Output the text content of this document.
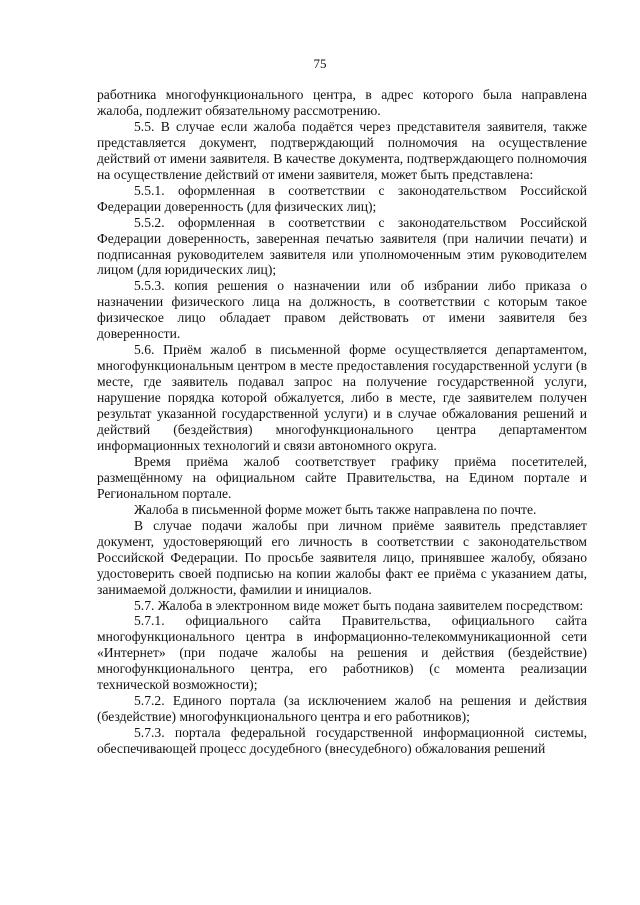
75

работника многофункционального центра, в адрес которого была направлена жалоба, подлежит обязательному рассмотрению.

5.5. В случае если жалоба подаётся через представителя заявителя, также представляется документ, подтверждающий полномочия на осуществление действий от имени заявителя. В качестве документа, подтверждающего полномочия на осуществление действий от имени заявителя, может быть представлена:

5.5.1. оформленная в соответствии с законодательством Российской Федерации доверенность (для физических лиц);

5.5.2. оформленная в соответствии с законодательством Российской Федерации доверенность, заверенная печатью заявителя (при наличии печати) и подписанная руководителем заявителя или уполномоченным этим руководителем лицом (для юридических лиц);

5.5.3. копия решения о назначении или об избрании либо приказа о назначении физического лица на должность, в соответствии с которым такое физическое лицо обладает правом действовать от имени заявителя без доверенности.

5.6. Приём жалоб в письменной форме осуществляется департаментом, многофункциональным центром в месте предоставления государственной услуги (в месте, где заявитель подавал запрос на получение государственной услуги, нарушение порядка которой обжалуется, либо в месте, где заявителем получен результат указанной государственной услуги) и в случае обжалования решений и действий (бездействия) многофункционального центра департаментом информационных технологий и связи автономного округа.

Время приёма жалоб соответствует графику приёма посетителей, размещённому на официальном сайте Правительства, на Едином портале и Региональном портале.

Жалоба в письменной форме может быть также направлена по почте.

В случае подачи жалобы при личном приёме заявитель представляет документ, удостоверяющий его личность в соответствии с законодательством Российской Федерации. По просьбе заявителя лицо, принявшее жалобу, обязано удостоверить своей подписью на копии жалобы факт ее приёма с указанием даты, занимаемой должности, фамилии и инициалов.

5.7. Жалоба в электронном виде может быть подана заявителем посредством:

5.7.1. официального сайта Правительства, официального сайта многофункционального центра в информационно-телекоммуникационной сети «Интернет» (при подаче жалобы на решения и действия (бездействие) многофункционального центра, его работников) (с момента реализации технической возможности);

5.7.2. Единого портала (за исключением жалоб на решения и действия (бездействие) многофункционального центра и его работников);

5.7.3. портала федеральной государственной информационной системы, обеспечивающей процесс досудебного (внесудебного) обжалования решений
